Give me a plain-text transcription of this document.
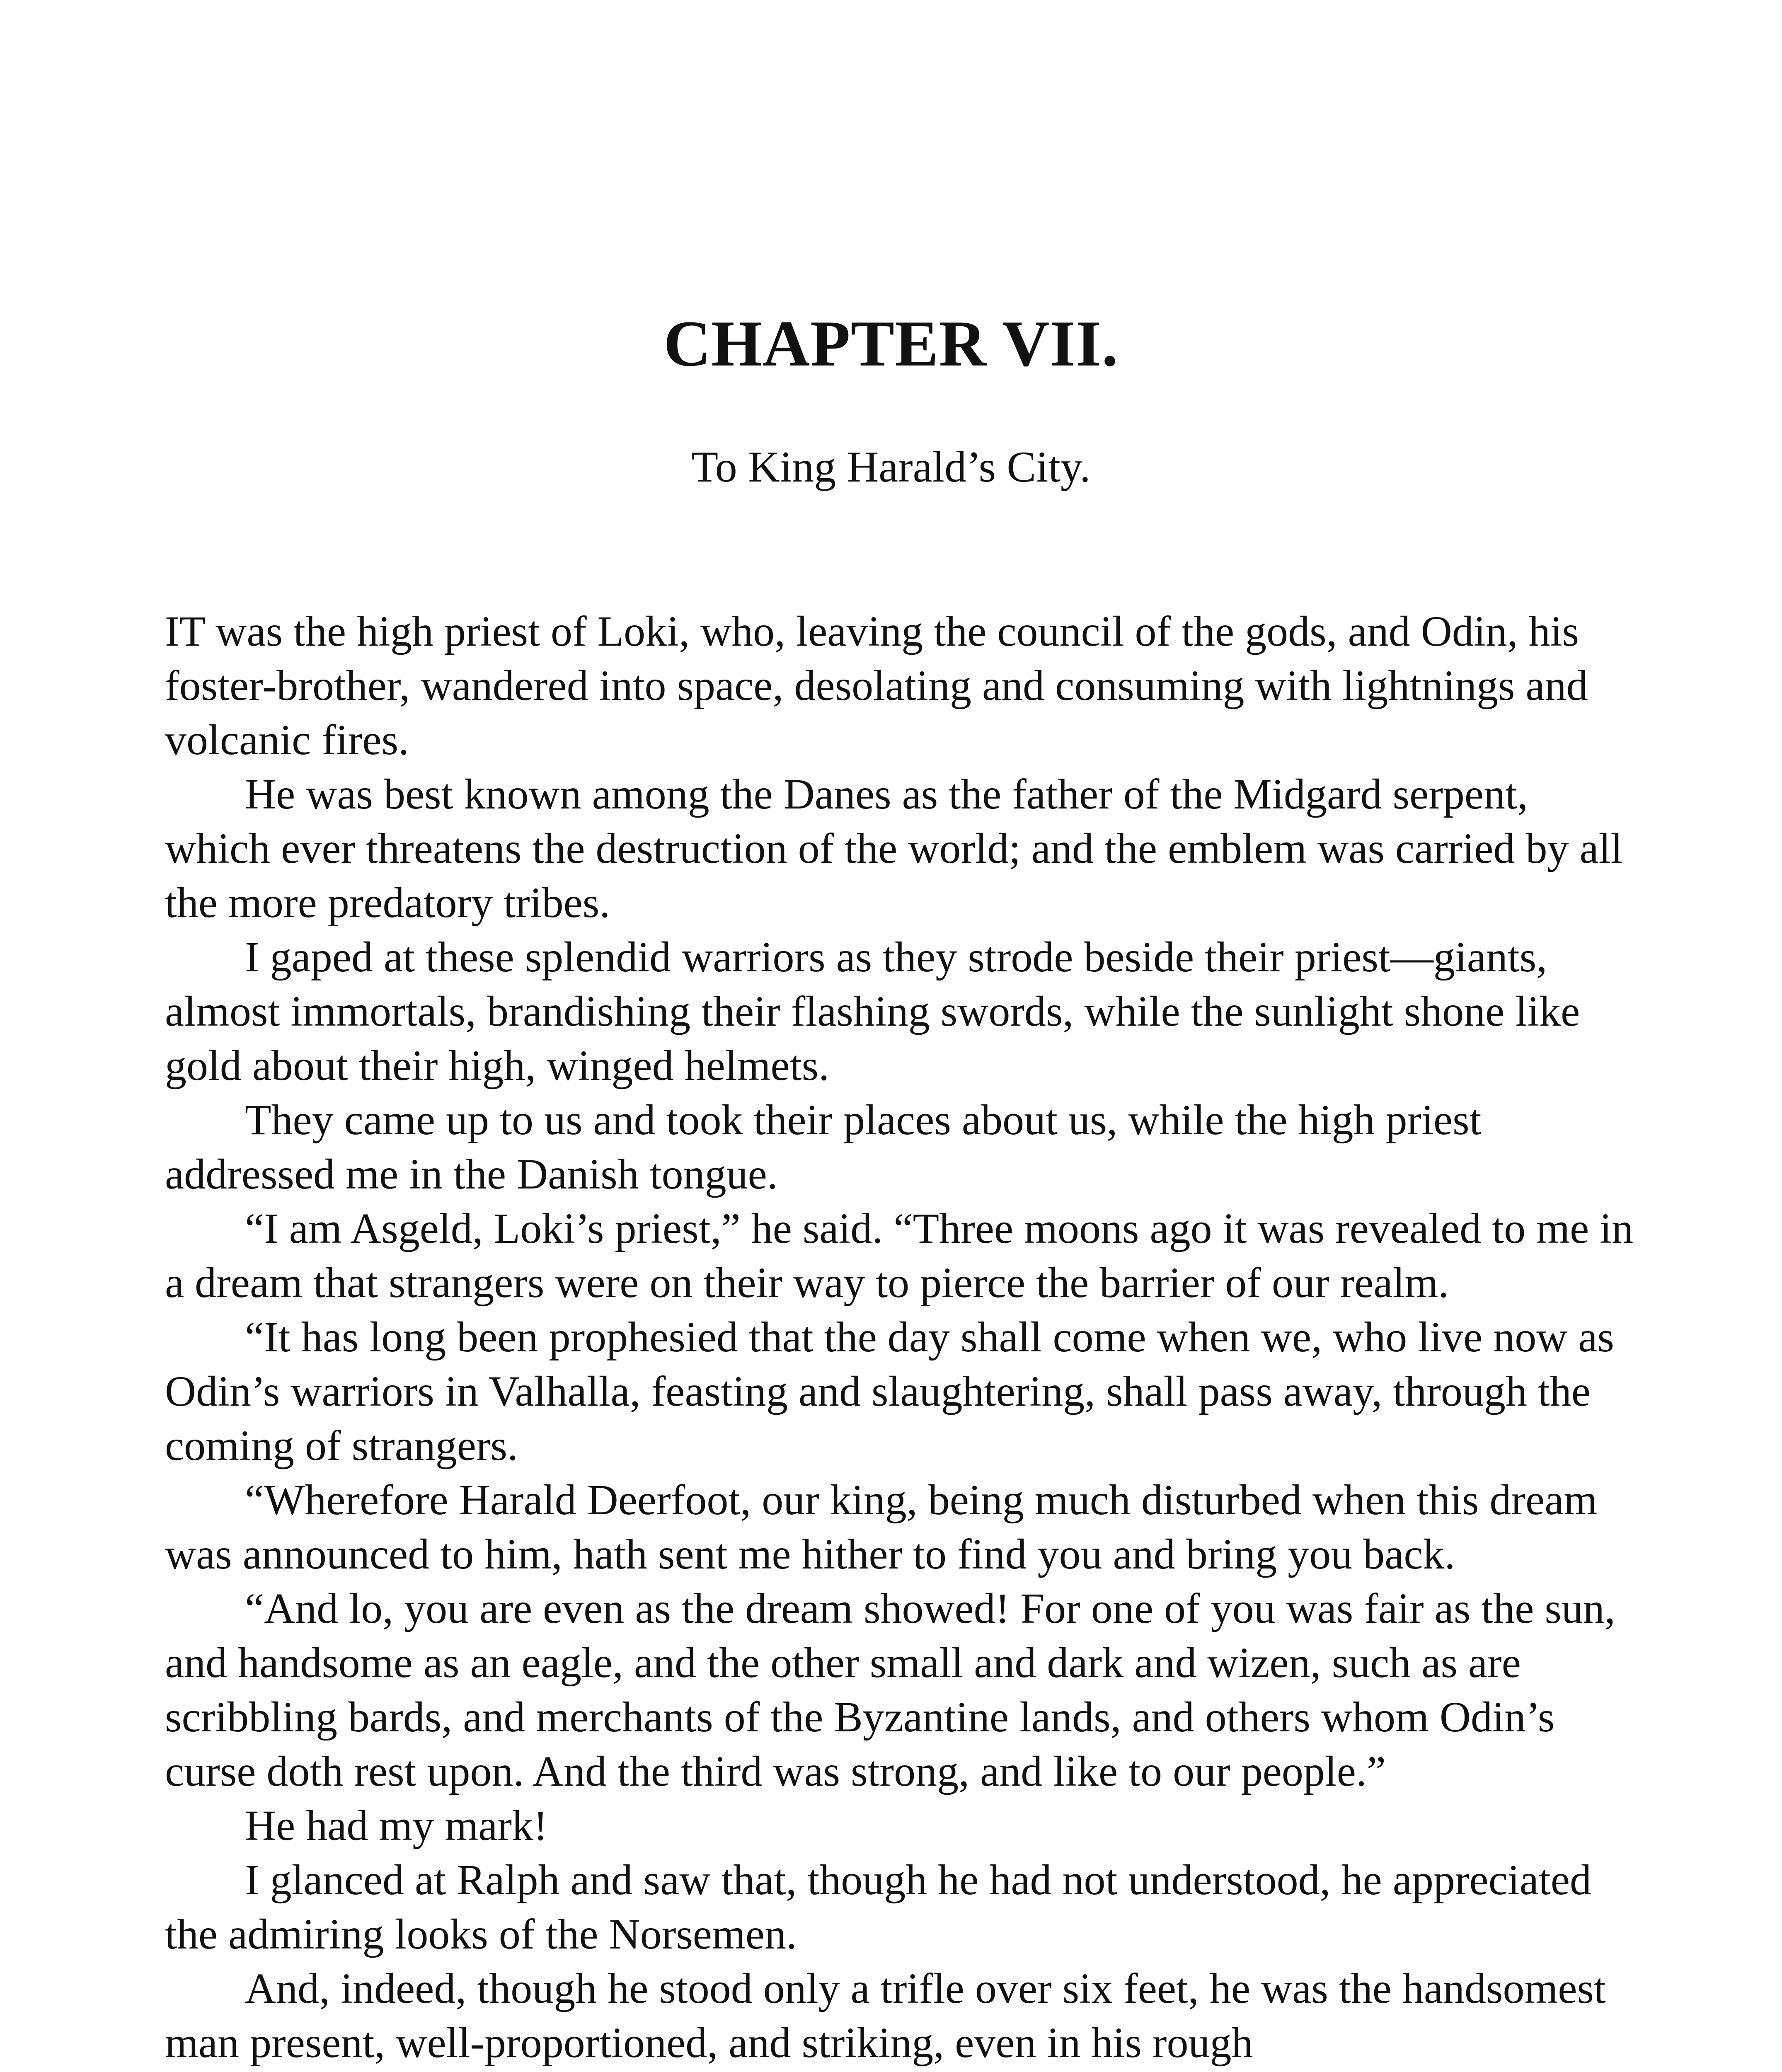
CHAPTER VII.
To King Harald’s City.

IT was the high priest of Loki, who, leaving the council of the gods, and Odin, his foster-brother, wandered into space, desolating and consuming with lightnings and volcanic fires.

He was best known among the Danes as the father of the Midgard serpent, which ever threatens the destruction of the world; and the emblem was carried by all the more predatory tribes.

I gaped at these splendid warriors as they strode beside their priest—giants, almost immortals, brandishing their flashing swords, while the sunlight shone like gold about their high, winged helmets.

They came up to us and took their places about us, while the high priest addressed me in the Danish tongue.

“I am Asgeld, Loki’s priest,” he said. “Three moons ago it was revealed to me in a dream that strangers were on their way to pierce the barrier of our realm.

“It has long been prophesied that the day shall come when we, who live now as Odin’s warriors in Valhalla, feasting and slaughtering, shall pass away, through the coming of strangers.

“Wherefore Harald Deerfoot, our king, being much disturbed when this dream was announced to him, hath sent me hither to find you and bring you back.

“And lo, you are even as the dream showed! For one of you was fair as the sun, and handsome as an eagle, and the other small and dark and wizen, such as are scribbling bards, and merchants of the Byzantine lands, and others whom Odin’s curse doth rest upon. And the third was strong, and like to our people.”

He had my mark!

I glanced at Ralph and saw that, though he had not understood, he appreciated the admiring looks of the Norsemen.

And, indeed, though he stood only a trifle over six feet, he was the handsomest man present, well-proportioned, and striking, even in his rough
